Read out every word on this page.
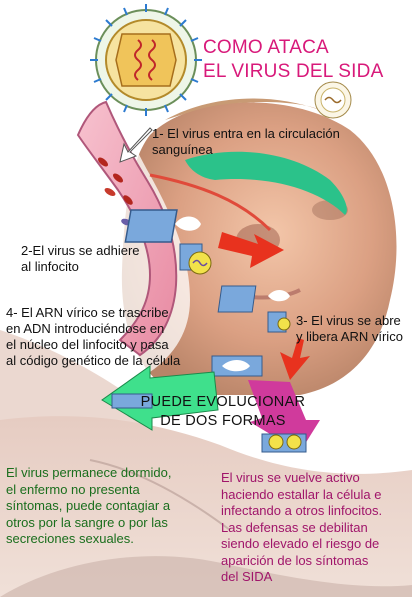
COMO ATACA
EL VIRUS DEL SIDA
1- El virus entra en la circulación
sanguínea
2-El virus se adhiere
al linfocito
3- El virus se abre
y libera ARN vírico
4- El ARN vírico se trascribe
en ADN introduciéndose en
el núcleo del linfocito y pasa
al código genético de la célula
PUEDE EVOLUCIONAR
DE DOS FORMAS
El virus permanece dormido,
el enfermo no presenta
síntomas, puede contagiar a
otros por la sangre o por las
secreciones sexuales.
El virus se vuelve activo
haciendo estallar la célula e
infectando a otros linfocitos.
Las defensas se debilitan
siendo elevado el riesgo de
aparición de los síntomas
del SIDA
